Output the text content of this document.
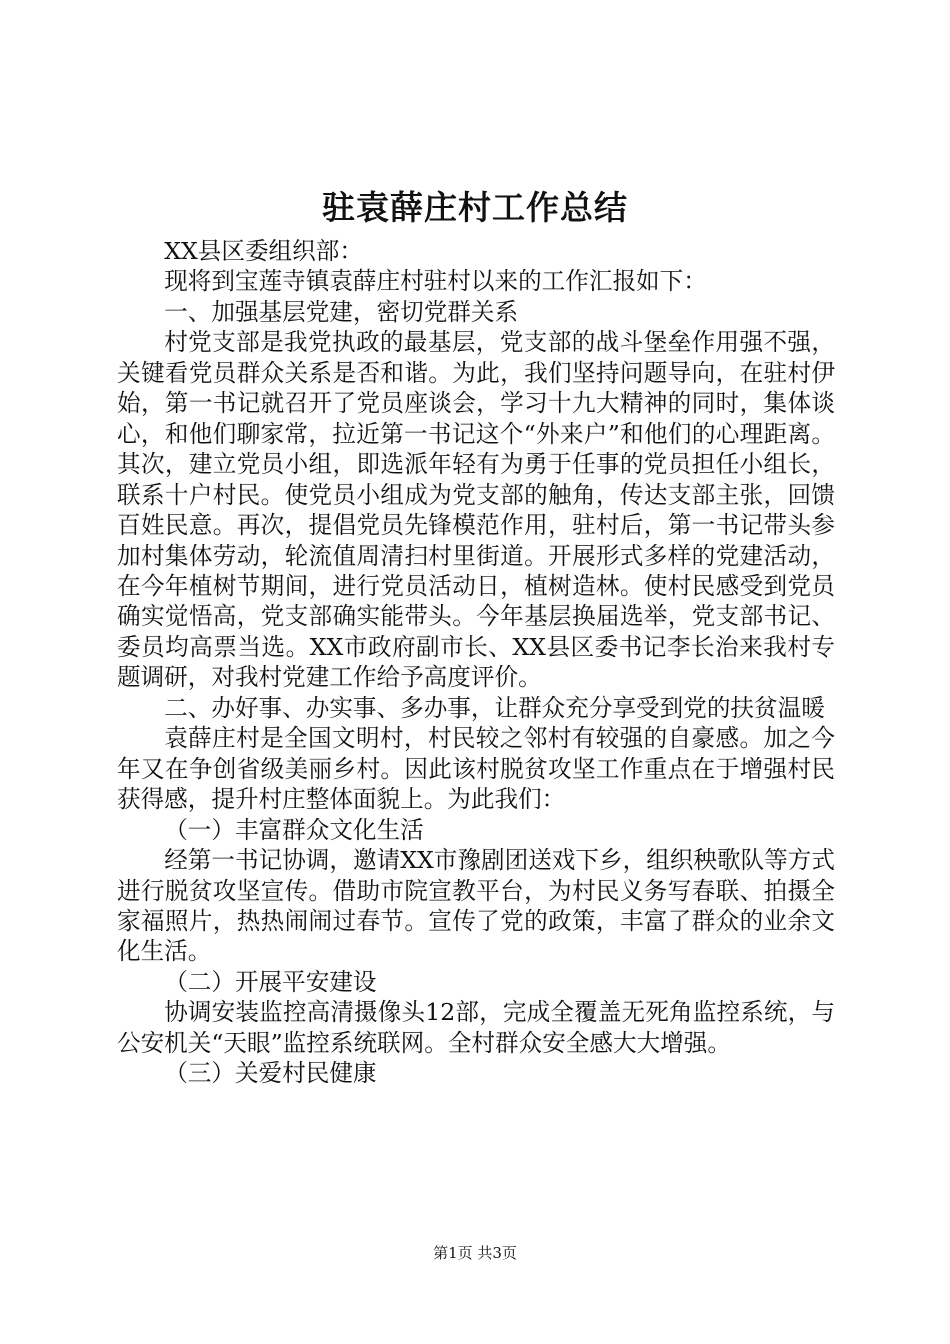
驻袁薛庄村工作总结

XX县区委组织部：

现将到宝莲寺镇袁薛庄村驻村以来的工作汇报如下：

一、加强基层党建，密切党群关系

村党支部是我党执政的最基层，党支部的战斗堡垒作用强不强，关键看党员群众关系是否和谐。为此，我们坚持问题导向，在驻村伊始，第一书记就召开了党员座谈会，学习十九大精神的同时，集体谈心，和他们聊家常，拉近第一书记这个“外来户”和他们的心理距离。其次，建立党员小组，即选派年轻有为勇于任事的党员担任小组长，联系十户村民。使党员小组成为党支部的触角，传达支部主张，回馈百姓民意。再次，提倡党员先锋模范作用，驻村后，第一书记带头参加村集体劳动，轮流值周清扫村里街道。开展形式多样的党建活动，在今年植树节期间，进行党员活动日，植树造林。使村民感受到党员确实觉悟高，党支部确实能带头。今年基层换届选举，党支部书记、委员均高票当选。XX市政府副市长、XX县区委书记李长治来我村专题调研，对我村党建工作给予高度评价。

二、办好事、办实事、多办事，让群众充分享受到党的扶贫温暖

袁薛庄村是全国文明村，村民较之邻村有较强的自豪感。加之今年又在争创省级美丽乡村。因此该村脱贫攻坚工作重点在于增强村民获得感，提升村庄整体面貌上。为此我们：

（一）丰富群众文化生活

经第一书记协调，邀请XX市豫剧团送戏下乡，组织秧歌队等方式进行脱贫攻坚宣传。借助市院宣教平台，为村民义务写春联、拍摄全家福照片，热热闹闹过春节。宣传了党的政策，丰富了群众的业余文化生活。

（二）开展平安建设

协调安装监控高清摄像头12部，完成全覆盖无死角监控系统，与公安机关“天眼”监控系统联网。全村群众安全感大大增强。

（三）关爱村民健康

第1页 共3页
